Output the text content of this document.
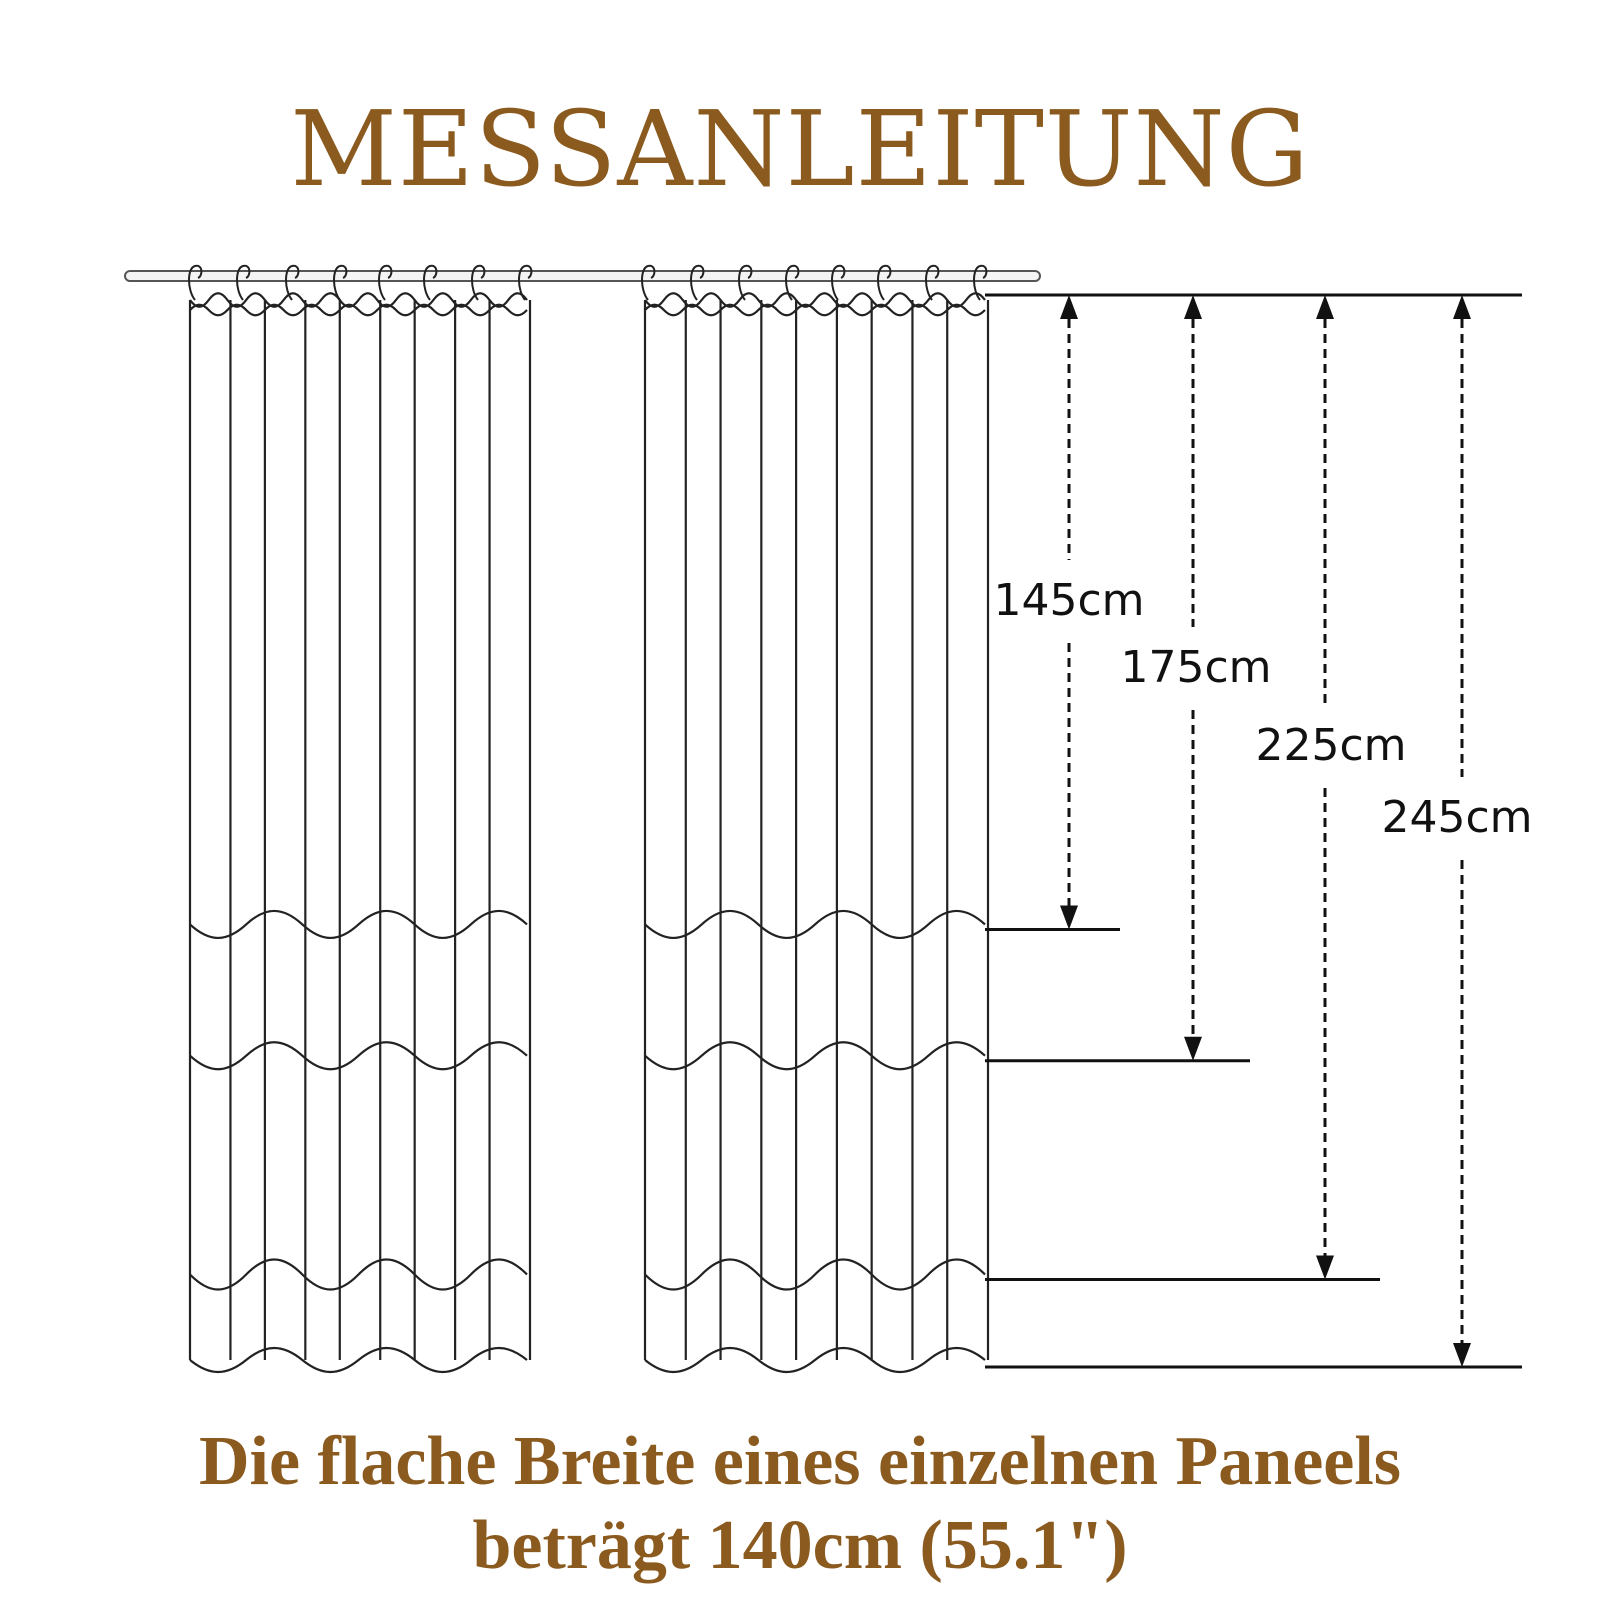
MESSANLEITUNG
145cm
175cm
225cm
245cm
Die flache Breite eines einzelnen Paneels
beträgt 140cm (55.1")
